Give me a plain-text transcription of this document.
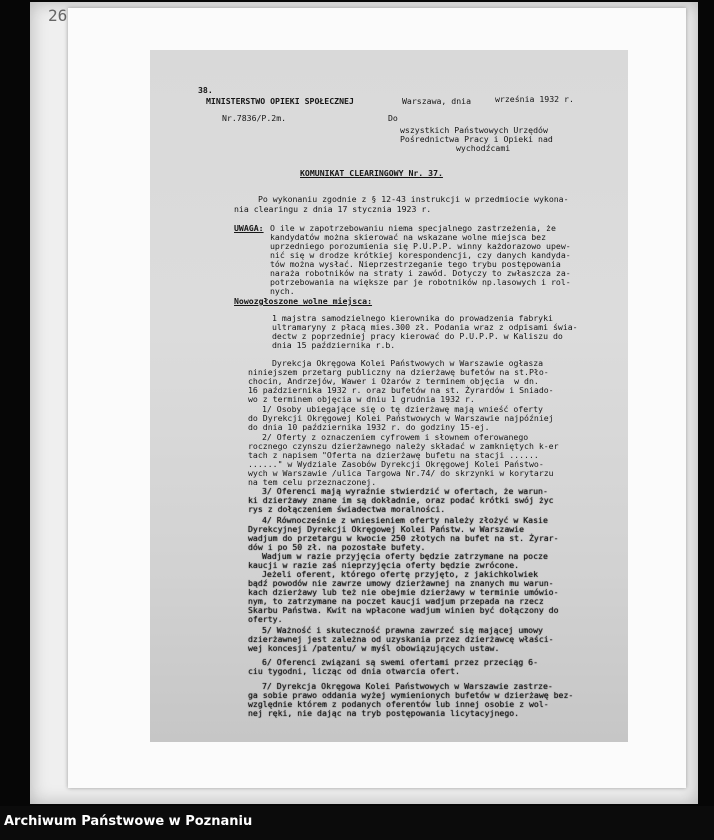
26
38.
MINISTERSTWO OPIEKI SPOŁECZNEJ	Warszawa, dnia	września 1932 r.
Nr.7836/P.2m.	Do
wszystkich Państwowych Urzędów
Pośrednictwa Pracy i Opieki nad
wychodźcami
KOMUNIKAT CLEARINGOWY Nr. 37.
Po wykonaniu zgodnie z § 12-43 instrukcji w przedmiocie wykona-
nia clearingu z dnia 17 stycznia 1923 r.
UWAGA: O ile w zapotrzebowaniu niema specjalnego zastrzeżenia, że
kandydatów można skierować na wskazane wolne miejsca bez
uprzedniego porozumienia się P.U.P.P. winny każdorazowo upew-
nić się w drodze krótkiej korespondencji, czy danych kandyda-
tów można wysłać. Nieprzestrzeganie tego trybu postępowania
naraża robotników na straty i zawód. Dotyczy to zwłaszcza za-
potrzebowania na większe par je robotników np.lasowych i rol-
nych.
Nowozgłoszone wolne miejsca:
1 majstra samodzielnego kierownika do prowadzenia fabryki
ultramaryny z płacą mies.300 zł. Podania wraz z odpisami świa-
dectw z poprzedniej pracy kierować do P.U.P.P. w Kaliszu do
dnia 15 października r.b.
Dyrekcja Okręgowa Kolei Państwowych w Warszawie ogłasza
niniejszem przetarg publiczny na dzierżawę bufetów na st.Pło-
chocin, Andrzejów, Wawer i Ożarów z terminem objęcia  w dn.
16 października 1932 r. oraz bufetów na st. Żyrardów i Sniado-
wo z terminem objęcia w dniu 1 grudnia 1932 r.
1/ Osoby ubiegające się o tę dzierżawę mają wnieść oferty
do Dyrekcji Okręgowej Kolei Państwowych w Warszawie najpóźniej
do dnia 10 października 1932 r. do godziny 15-ej.
2/ Oferty z oznaczeniem cyfrowem i słownem oferowanego
rocznego czynszu dzierżawnego należy składać w zamkniętych k-er
tach z napisem "Oferta na dzierżawę bufetu na stacji ......
......" w Wydziale Zasobów Dyrekcji Okręgowej Kolei Państwo-
wych w Warszawie /ulica Targowa Nr.74/ do skrzynki w korytarzu
na tem celu przeznaczonej.
3/ Oferenci mają wyraźnie stwierdzić w ofertach, że warun-
ki dzierżawy znane im są dokładnie, oraz podać krótki swój życ
rys z dołączeniem świadectwa moralności.
4/ Równocześnie z wniesieniem oferty należy złożyć w Kasie
Dyrekcyjnej Dyrekcji Okręgowej Kolei Państw. w Warszawie
wadjum do przetargu w kwocie 250 złotych na bufet na st. Żyrar-
dów i po 50 zł. na pozostałe bufety.
Wadjum w razie przyjęcia oferty będzie zatrzymane na pocze
kaucji w razie zaś nieprzyjęcia oferty będzie zwrócone.
Jeżeli oferent, którego ofertę przyjęto, z jakichkolwiek
bądź powodów nie zawrze umowy dzierżawnej na znanych mu warun-
kach dzierżawy lub też nie obejmie dzierżawy w terminie umówio-
nym, to zatrzymane na poczet kaucji wadjum przepada na rzecz
Skarbu Państwa. Kwit na wpłacone wadjum winien być dołączony do
oferty.
5/ Ważność i skuteczność prawna zawrzeć się mającej umowy
dzierżawnej jest zależna od uzyskania przez dzierżawcę właści-
wej koncesji /patentu/ w myśl obowiązujących ustaw.
6/ Oferenci związani są swemi ofertami przez przeciąg 6-
ciu tygodni, licząc od dnia otwarcia ofert.
7/ Dyrekcja Okręgowa Kolei Państwowych w Warszawie zastrze-
ga sobie prawo oddania wyżej wymienionych bufetów w dzierżawę bez-
względnie którem z podanych oferentów lub innej osobie z wol-
nej ręki, nie dając na tryb postępowania licytacyjnego.
Archiwum Państwowe w Poznaniu
